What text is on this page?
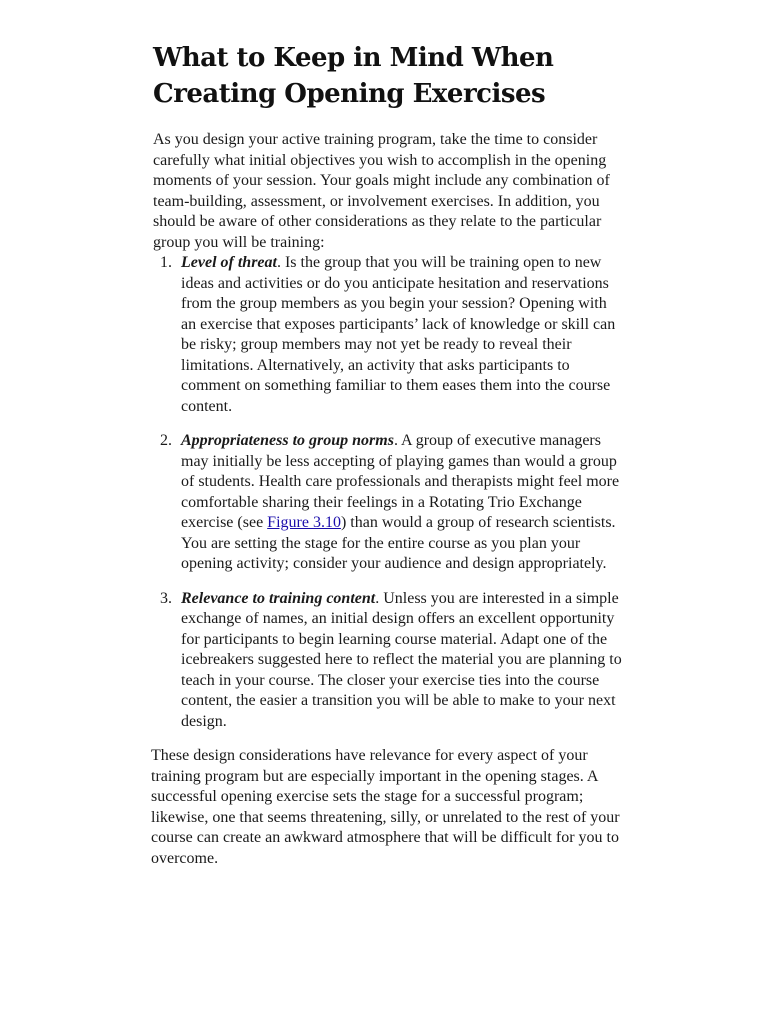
What to Keep in Mind When Creating Opening Exercises

As you design your active training program, take the time to consider carefully what initial objectives you wish to accomplish in the opening moments of your session. Your goals might include any combination of team-building, assessment, or involvement exercises. In addition, you should be aware of other considerations as they relate to the particular group you will be training:

1. Level of threat. Is the group that you will be training open to new ideas and activities or do you anticipate hesitation and reservations from the group members as you begin your session? Opening with an exercise that exposes participants’ lack of knowledge or skill can be risky; group members may not yet be ready to reveal their limitations. Alternatively, an activity that asks participants to comment on something familiar to them eases them into the course content.
2. Appropriateness to group norms. A group of executive managers may initially be less accepting of playing games than would a group of students. Health care professionals and therapists might feel more comfortable sharing their feelings in a Rotating Trio Exchange exercise (see Figure 3.10) than would a group of research scientists. You are setting the stage for the entire course as you plan your opening activity; consider your audience and design appropriately.
3. Relevance to training content. Unless you are interested in a simple exchange of names, an initial design offers an excellent opportunity for participants to begin learning course material. Adapt one of the icebreakers suggested here to reflect the material you are planning to teach in your course. The closer your exercise ties into the course content, the easier a transition you will be able to make to your next design.

These design considerations have relevance for every aspect of your training program but are especially important in the opening stages. A successful opening exercise sets the stage for a successful program; likewise, one that seems threatening, silly, or unrelated to the rest of your course can create an awkward atmosphere that will be difficult for you to overcome.
